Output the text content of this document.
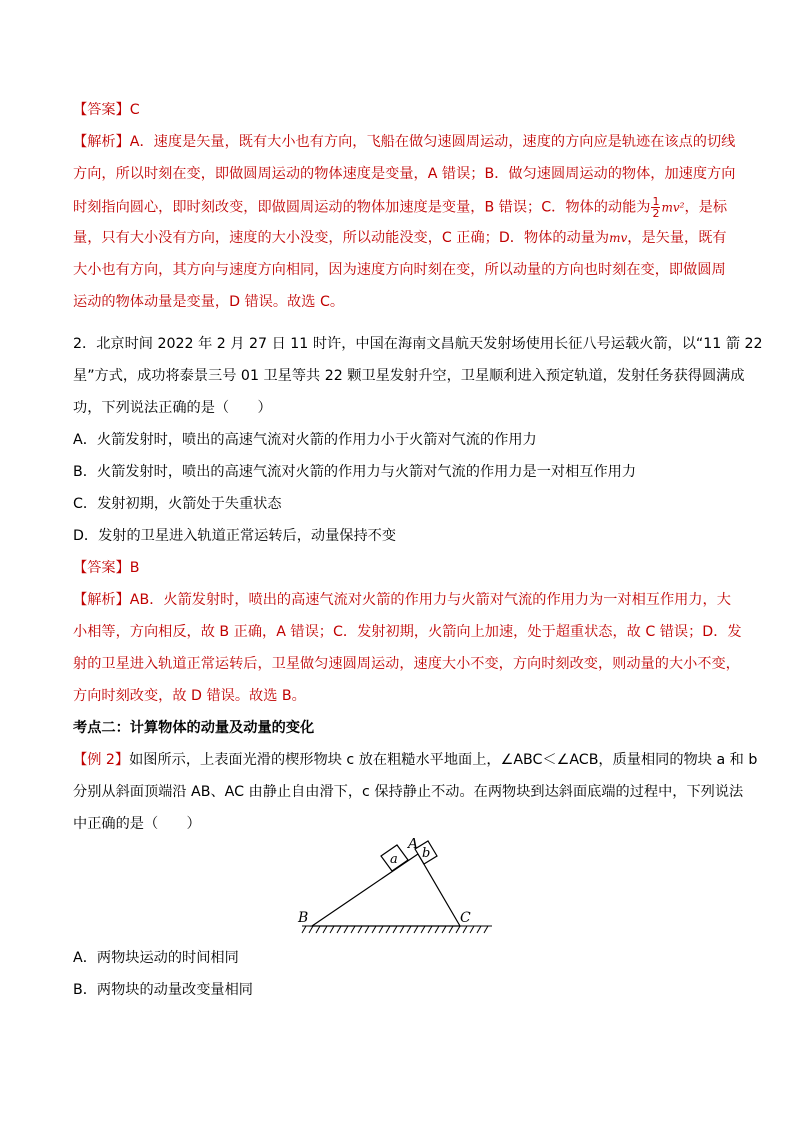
【答案】C
【解析】A．速度是矢量，既有大小也有方向，飞船在做匀速圆周运动，速度的方向应是轨迹在该点的切线
方向，所以时刻在变，即做圆周运动的物体速度是变量，A 错误；B．做匀速圆周运动的物体，加速度方向
时刻指向圆心，即时刻改变，即做圆周运动的物体加速度是变量，B 错误；C．物体的动能为 $\frac{1}{2} mv^2$，是标
量，只有大小没有方向，速度的大小没变，所以动能没变，C 正确；D．物体的动量为mv，是矢量，既有
大小也有方向，其方向与速度方向相同，因为速度方向时刻在变，所以动量的方向也时刻在变，即做圆周
运动的物体动量是变量，D 错误。故选 C。
2．北京时间 2022 年 2 月 27 日 11 时许，中国在海南文昌航天发射场使用长征八号运载火箭，以“11 箭 22
星”方式，成功将泰景三号 01 卫星等共 22 颗卫星发射升空，卫星顺利进入预定轨道，发射任务获得圆满成
功，下列说法正确的是（　　）
A．火箭发射时，喷出的高速气流对火箭的作用力小于火箭对气流的作用力
B．火箭发射时，喷出的高速气流对火箭的作用力与火箭对气流的作用力是一对相互作用力
C．发射初期，火箭处于失重状态
D．发射的卫星进入轨道正常运转后，动量保持不变
【答案】B
【解析】AB．火箭发射时，喷出的高速气流对火箭的作用力与火箭对气流的作用力为一对相互作用力，大
小相等，方向相反，故 B 正确，A 错误；C．发射初期，火箭向上加速，处于超重状态，故 C 错误；D．发
射的卫星进入轨道正常运转后，卫星做匀速圆周运动，速度大小不变，方向时刻改变，则动量的大小不变，
方向时刻改变，故 D 错误。故选 B。
考点二：计算物体的动量及动量的变化
【例 2】如图所示，上表面光滑的楔形物块 c 放在粗糙水平地面上，∠ABC＜∠ACB，质量相同的物块 a 和 b
分别从斜面顶端沿 AB、AC 由静止自由滑下，c 保持静止不动。在两物块到达斜面底端的过程中，下列说法
中正确的是（　　）
a b
A
B	C
A．两物块运动的时间相同
B．两物块的动量改变量相同
